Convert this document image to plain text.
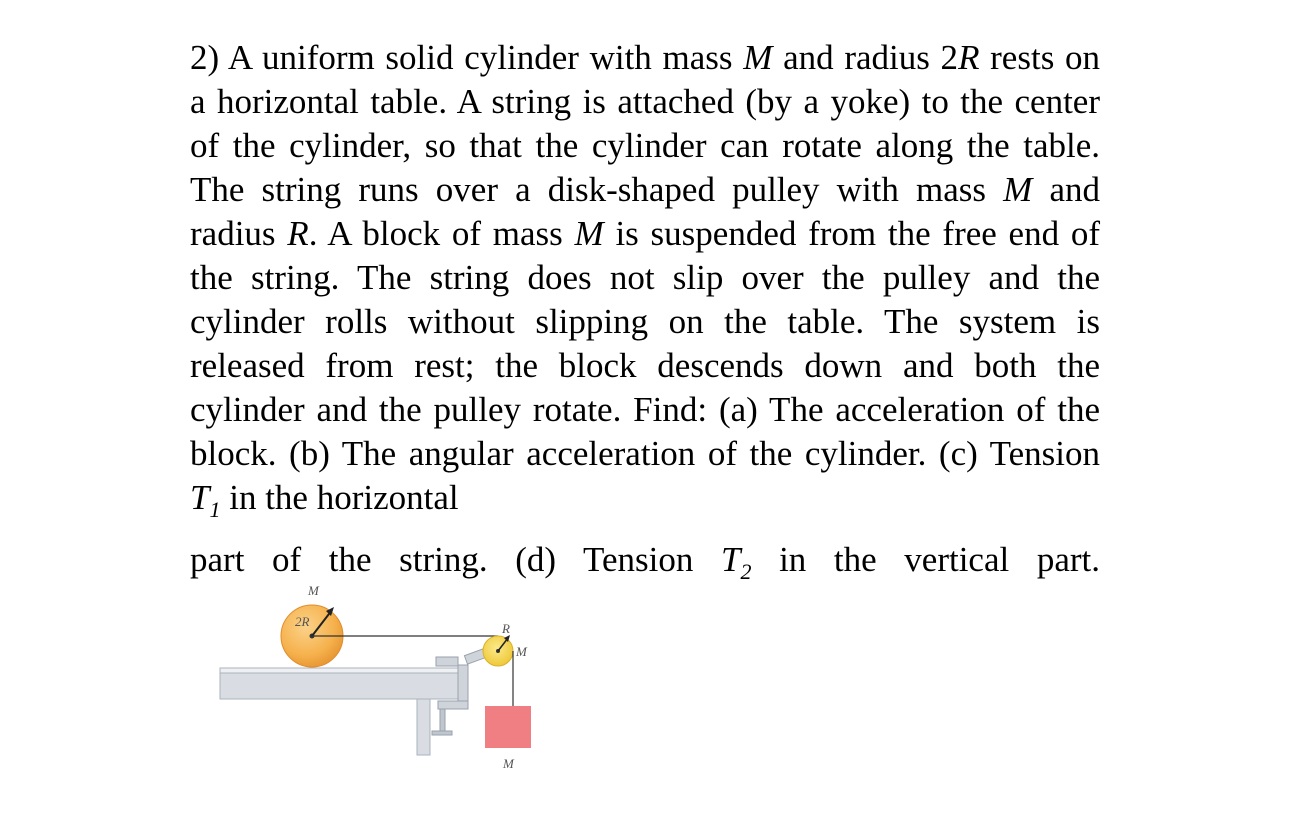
2) A uniform solid cylinder with mass M and radius 2R rests on a horizontal table. A string is attached (by a yoke) to the center of the cylinder, so that the cylinder can rotate along the table. The string runs over a disk-shaped pulley with mass M and radius R. A block of mass M is suspended from the free end of the string. The string does not slip over the pulley and the cylinder rolls without slipping on the table. The system is released from rest; the block descends down and both the cylinder and the pulley rotate. Find: (a) The acceleration of the block. (b) The angular acceleration of the cylinder. (c) Tension $T_1$ in the horizontal

part of the string. (d) Tension $T_2$ in the vertical part.

M
2R	R
M
M
